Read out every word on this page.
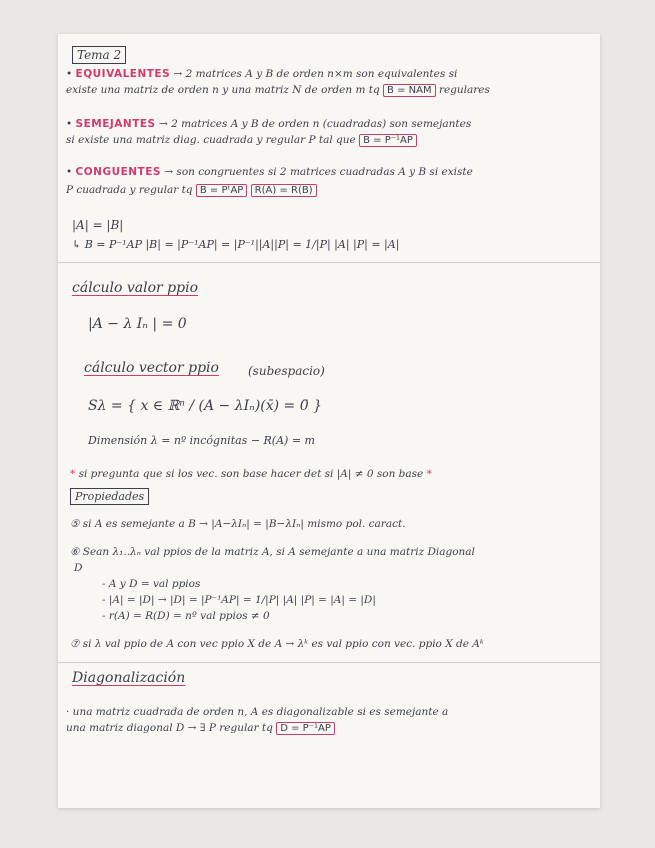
Tema 2
• EQUIVALENTES → 2 matrices A y B de orden n×m son equivalentes si
existe una matriz de orden n y una matriz N de orden m tq B = NAM regulares
• SEMEJANTES → 2 matrices A y B de orden n (cuadradas) son semejantes
si existe una matriz diag. cuadrada y regular P tal que B = P⁻¹AP
• CONGUENTES → son congruentes si 2 matrices cuadradas A y B si existe
P cuadrada y regular tq B = PᵗAP R(A) = R(B)
|A| = |B|
↳ B = P⁻¹AP |B| = |P⁻¹AP| = |P⁻¹||A||P| = 1/|P| |A| |P| = |A|
cálculo valor ppio
|A − λ Iₙ | = 0
cálculo vector ppio (subespacio)
Sλ = { x ∈ ℝⁿ / (A − λIₙ)(x̄) = 0̄ }
Dimensión λ = nº incógnitas − R(A) = m
* si pregunta que si los vec. son base hacer det si |A| ≠ 0 son base *
Propiedades
⑤ si A es semejante a B → |A−λIₙ| = |B−λIₙ| mismo pol. caract.
⑥ Sean λ₁..λₙ val ppios de la matriz A, si A semejante a una matriz Diagonal
D
- A y D = val ppios
- |A| = |D| → |D| = |P⁻¹AP| = 1/|P| |A| |P| = |A| = |D|
- r(A) = R(D) = nº val ppios ≠ 0
⑦ si λ val ppio de A con vec ppio X de A → λᵏ es val ppio con vec. ppio X de Aᵏ
Diagonalización
· una matriz cuadrada de orden n, A es diagonalizable si es semejante a
una matriz diagonal D → ∃ P regular tq D = P⁻¹AP
